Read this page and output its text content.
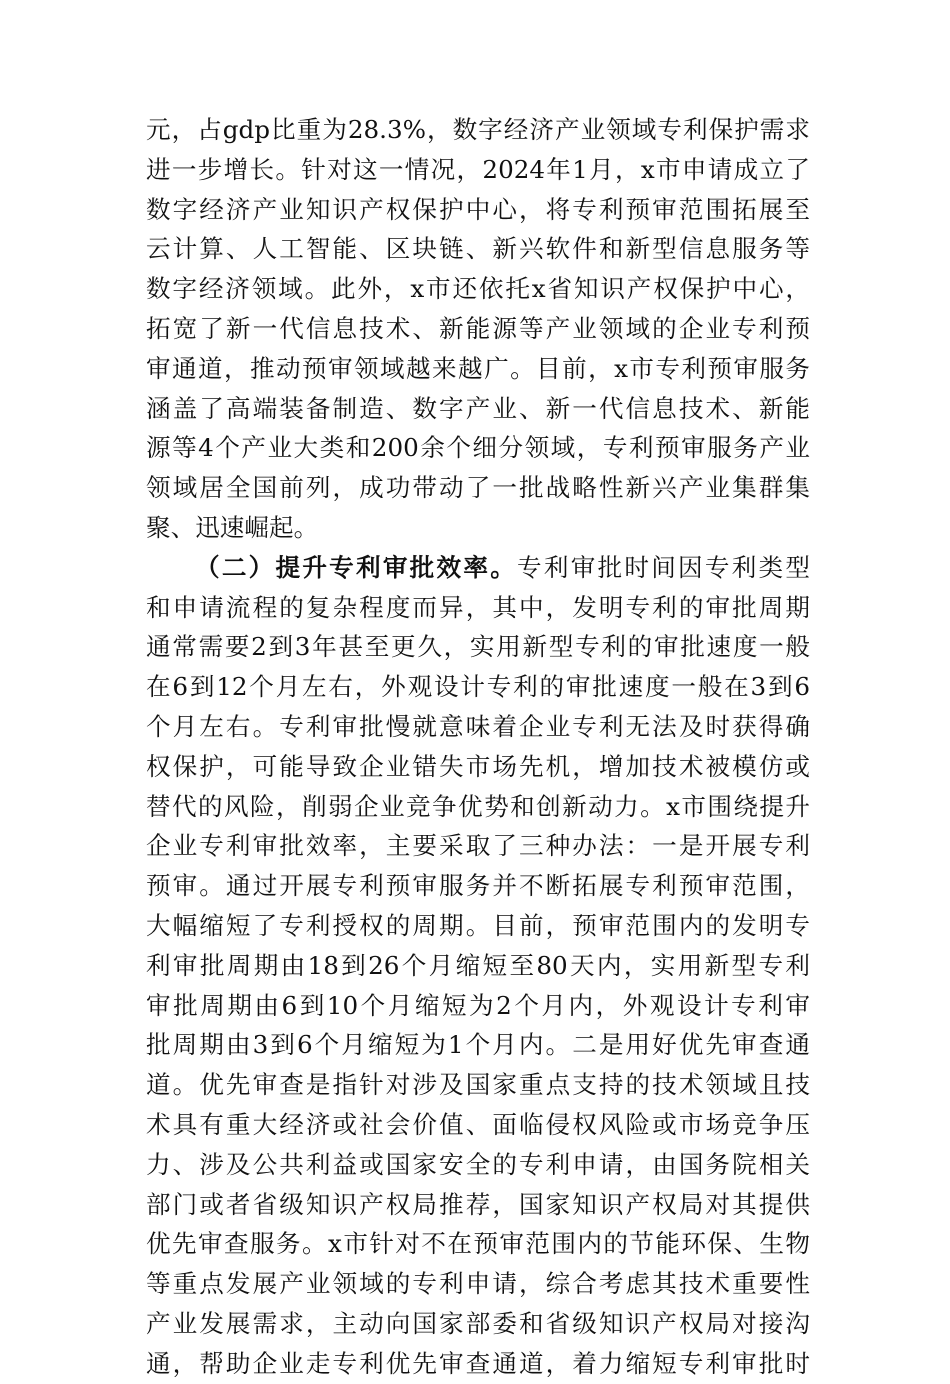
元，占gdp比重为28.3%，数字经济产业领域专利保护需求
进一步增长。针对这一情况，2024年1月，x市申请成立了
数字经济产业知识产权保护中心，将专利预审范围拓展至
云计算、人工智能、区块链、新兴软件和新型信息服务等
数字经济领域。此外，x市还依托x省知识产权保护中心，
拓宽了新一代信息技术、新能源等产业领域的企业专利预
审通道，推动预审领域越来越广。目前，x市专利预审服务
涵盖了高端装备制造、数字产业、新一代信息技术、新能
源等4个产业大类和200余个细分领域，专利预审服务产业
领域居全国前列，成功带动了一批战略性新兴产业集群集
聚、迅速崛起。
（二）提升专利审批效率。专利审批时间因专利类型
和申请流程的复杂程度而异，其中，发明专利的审批周期
通常需要2到3年甚至更久，实用新型专利的审批速度一般
在6到12个月左右，外观设计专利的审批速度一般在3到6
个月左右。专利审批慢就意味着企业专利无法及时获得确
权保护，可能导致企业错失市场先机，增加技术被模仿或
替代的风险，削弱企业竞争优势和创新动力。x市围绕提升
企业专利审批效率，主要采取了三种办法：一是开展专利
预审。通过开展专利预审服务并不断拓展专利预审范围，
大幅缩短了专利授权的周期。目前，预审范围内的发明专
利审批周期由18到26个月缩短至80天内，实用新型专利
审批周期由6到10个月缩短为2个月内，外观设计专利审
批周期由3到6个月缩短为1个月内。二是用好优先审查通
道。优先审查是指针对涉及国家重点支持的技术领域且技
术具有重大经济或社会价值、面临侵权风险或市场竞争压
力、涉及公共利益或国家安全的专利申请，由国务院相关
部门或者省级知识产权局推荐，国家知识产权局对其提供
优先审查服务。x市针对不在预审范围内的节能环保、生物
等重点发展产业领域的专利申请，综合考虑其技术重要性
产业发展需求，主动向国家部委和省级知识产权局对接沟
通，帮助企业走专利优先审查通道，着力缩短专利审批时
